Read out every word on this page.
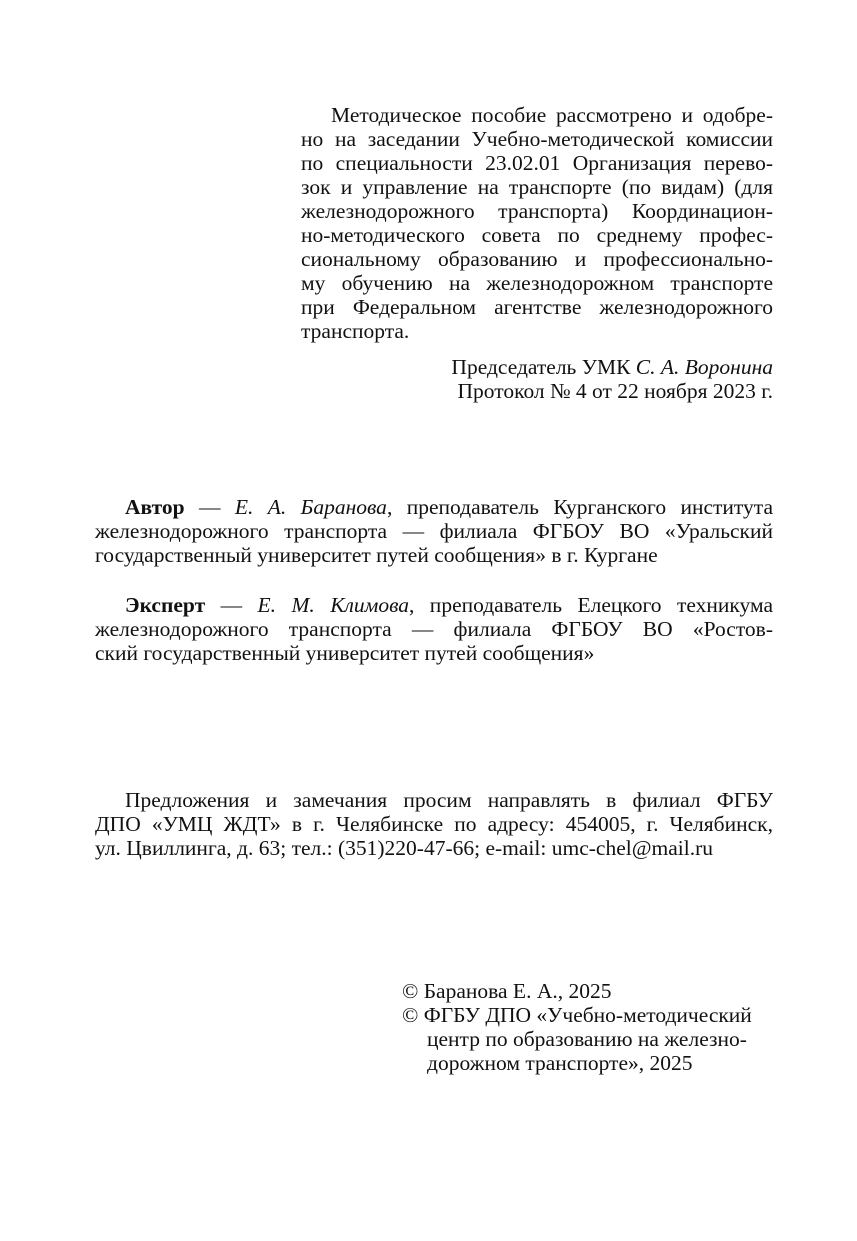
Методическое пособие рассмотрено и одобре-
но на заседании Учебно-методической комиссии
по специальности 23.02.01 Организация перево-
зок и управление на транспорте (по видам) (для
железнодорожного транспорта) Координацион-
но-методического совета по среднему профес-
сиональному образованию и профессионально-
му обучению на железнодорожном транспорте
при Федеральном агентстве железнодорожного
транспорта.
Председатель УМК С. А. Воронина
Протокол № 4 от 22 ноября 2023 г.
Автор — Е. А. Баранова, преподаватель Курганского института
железнодорожного транспорта — филиала ФГБОУ ВО «Уральский
государственный университет путей сообщения» в г. Кургане
Эксперт — Е. М. Климова, преподаватель Елецкого техникума
железнодорожного транспорта — филиала ФГБОУ ВО «Ростов-
ский государственный университет путей сообщения»
Предложения и замечания просим направлять в филиал ФГБУ
ДПО «УМЦ ЖДТ» в г. Челябинске по адресу: 454005, г. Челябинск,
ул. Цвиллинга, д. 63; тел.: (351)220-47-66; e-mail: umc-chel@mail.ru
© Баранова Е. А., 2025
© ФГБУ ДПО «Учебно-методический
центр по образованию на железно-
дорожном транспорте», 2025
